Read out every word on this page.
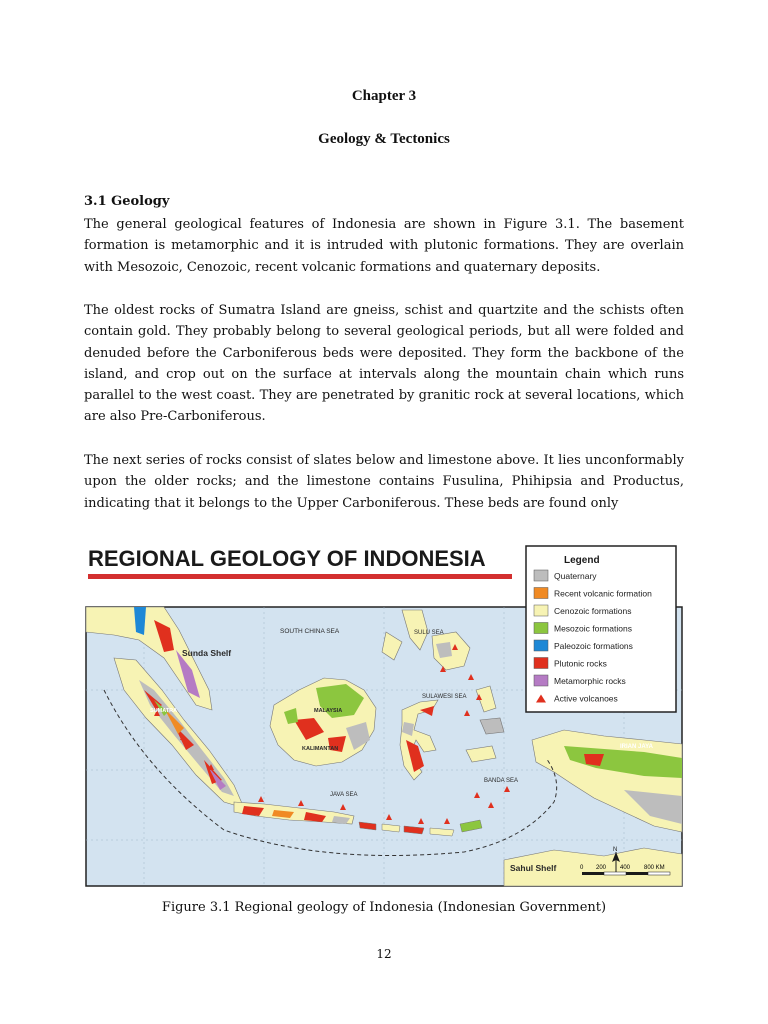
Chapter 3
Geology & Tectonics
3.1 Geology
The general geological features of Indonesia are shown in Figure 3.1. The basement formation is metamorphic and it is intruded with plutonic formations. They are overlain with Mesozoic, Cenozoic, recent volcanic formations and quaternary deposits.
The oldest rocks of Sumatra Island are gneiss, schist and quartzite and the schists often contain gold. They probably belong to several geological periods, but all were folded and denuded before the Carboniferous beds were deposited. They form the backbone of the island, and crop out on the surface at intervals along the mountain chain which runs parallel to the west coast. They are penetrated by granitic rock at several locations, which are also Pre-Carboniferous.
The next series of rocks consist of slates below and limestone above. It lies unconformably upon the older rocks; and the limestone contains Fusulina, Phihipsia and Productus, indicating that it belongs to the Upper Carboniferous. These beds are found only
REGIONAL GEOLOGY OF INDONESIA
SOUTH CHINA SEA
Sunda Shelf
SULU SEA
SULAWESI SEA
MALAYSIA
KALIMANTAN
SUMATRA
JAVA SEA
BANDA SEA
IRIAN JAYA
Sahul Shelf
N
0 200 400 800 KM
Legend
Quaternary
Recent volcanic formation
Cenozoic formations
Mesozoic formations
Paleozoic formations
Plutonic rocks
Metamorphic rocks
Active volcanoes
Figure 3.1 Regional geology of Indonesia (Indonesian Government)
12
